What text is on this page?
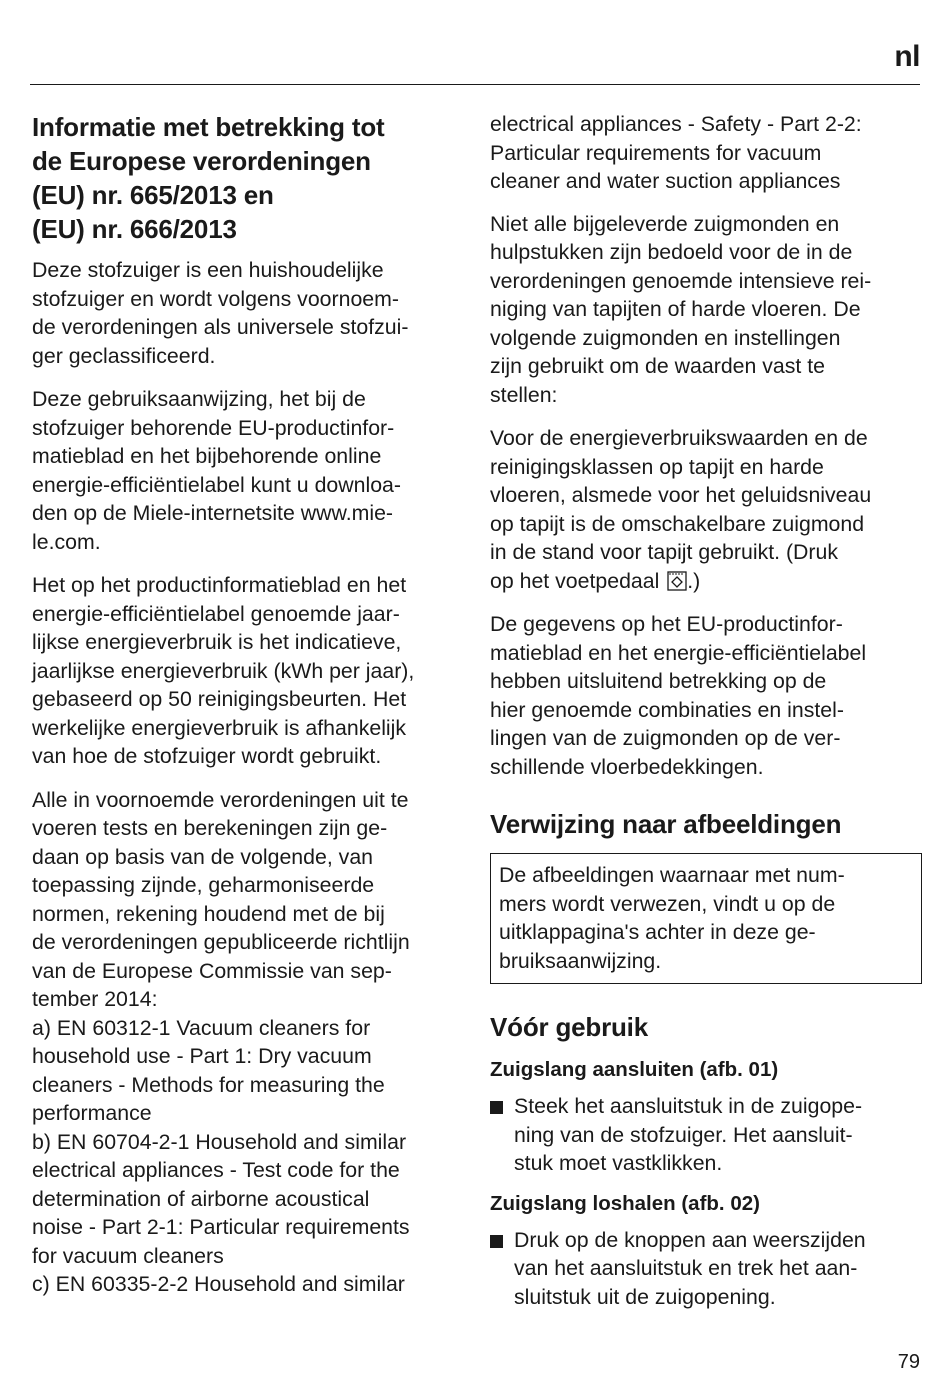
nl
Informatie met betrekking tot
de Europese verordeningen
(EU) nr. 665/2013 en
(EU) nr. 666/2013
Deze stofzuiger is een huishoudelijke
stofzuiger en wordt volgens voornoem-
de verordeningen als universele stofzui-
ger geclassificeerd.
Deze gebruiksaanwijzing, het bij de
stofzuiger behorende EU-productinfor-
matieblad en het bijbehorende online
energie-efficiëntielabel kunt u downloa-
den op de Miele-internetsite www.mie-
le.com.
Het op het productinformatieblad en het
energie-efficiëntielabel genoemde jaar-
lijkse energieverbruik is het indicatieve,
jaarlijkse energieverbruik (kWh per jaar),
gebaseerd op 50 reinigingsbeurten. Het
werkelijke energieverbruik is afhankelijk
van hoe de stofzuiger wordt gebruikt.
Alle in voornoemde verordeningen uit te
voeren tests en berekeningen zijn ge-
daan op basis van de volgende, van
toepassing zijnde, geharmoniseerde
normen, rekening houdend met de bij
de verordeningen gepubliceerde richtlijn
van de Europese Commissie van sep-
tember 2014:
a) EN 60312-1 Vacuum cleaners for
household use - Part 1: Dry vacuum
cleaners - Methods for measuring the
performance
b) EN 60704-2-1 Household and similar
electrical appliances - Test code for the
determination of airborne acoustical
noise - Part 2-1: Particular requirements
for vacuum cleaners
c) EN 60335-2-2 Household and similar
electrical appliances - Safety - Part 2-2:
Particular requirements for vacuum
cleaner and water suction appliances
Niet alle bijgeleverde zuigmonden en
hulpstukken zijn bedoeld voor de in de
verordeningen genoemde intensieve rei-
niging van tapijten of harde vloeren. De
volgende zuigmonden en instellingen
zijn gebruikt om de waarden vast te
stellen:
Voor de energieverbruikswaarden en de
reinigingsklassen op tapijt en harde
vloeren, alsmede voor het geluidsniveau
op tapijt is de omschakelbare zuigmond
in de stand voor tapijt gebruikt. (Druk
op het voetpedaal .)
De gegevens op het EU-productinfor-
matieblad en het energie-efficiëntielabel
hebben uitsluitend betrekking op de
hier genoemde combinaties en instel-
lingen van de zuigmonden op de ver-
schillende vloerbedekkingen.
Verwijzing naar afbeeldingen
De afbeeldingen waarnaar met num-
mers wordt verwezen, vindt u op de
uitklappagina's achter in deze ge-
bruiksaanwijzing.
Vóór gebruik
Zuigslang aansluiten (afb. 01)
Steek het aansluitstuk in de zuigope-
ning van de stofzuiger. Het aansluit-
stuk moet vastklikken.
Zuigslang loshalen (afb. 02)
Druk op de knoppen aan weerszijden
van het aansluitstuk en trek het aan-
sluitstuk uit de zuigopening.
79
